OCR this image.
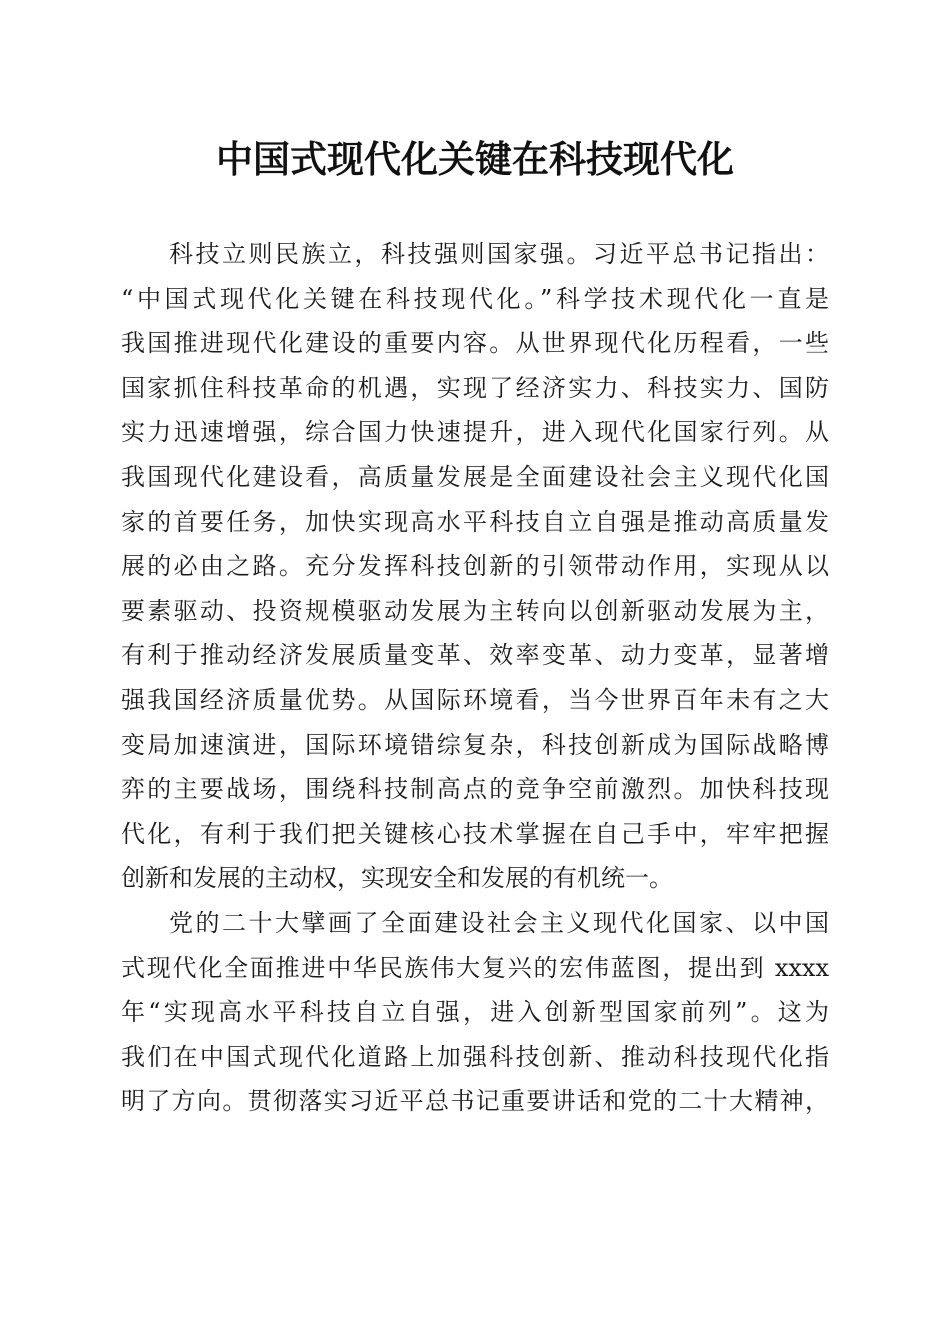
中国式现代化关键在科技现代化
科技立则民族立，科技强则国家强。习近平总书记指出：
“中国式现代化关键在科技现代化。”科学技术现代化一直是
我国推进现代化建设的重要内容。从世界现代化历程看，一些
国家抓住科技革命的机遇，实现了经济实力、科技实力、国防
实力迅速增强，综合国力快速提升，进入现代化国家行列。从
我国现代化建设看，高质量发展是全面建设社会主义现代化国
家的首要任务，加快实现高水平科技自立自强是推动高质量发
展的必由之路。充分发挥科技创新的引领带动作用，实现从以
要素驱动、投资规模驱动发展为主转向以创新驱动发展为主，
有利于推动经济发展质量变革、效率变革、动力变革，显著增
强我国经济质量优势。从国际环境看，当今世界百年未有之大
变局加速演进，国际环境错综复杂，科技创新成为国际战略博
弈的主要战场，围绕科技制高点的竞争空前激烈。加快科技现
代化，有利于我们把关键核心技术掌握在自己手中，牢牢把握
创新和发展的主动权，实现安全和发展的有机统一。
党的二十大擘画了全面建设社会主义现代化国家、以中国
式现代化全面推进中华民族伟大复兴的宏伟蓝图，提出到 xxxx
年“实现高水平科技自立自强，进入创新型国家前列”。这为
我们在中国式现代化道路上加强科技创新、推动科技现代化指
明了方向。贯彻落实习近平总书记重要讲话和党的二十大精神，
